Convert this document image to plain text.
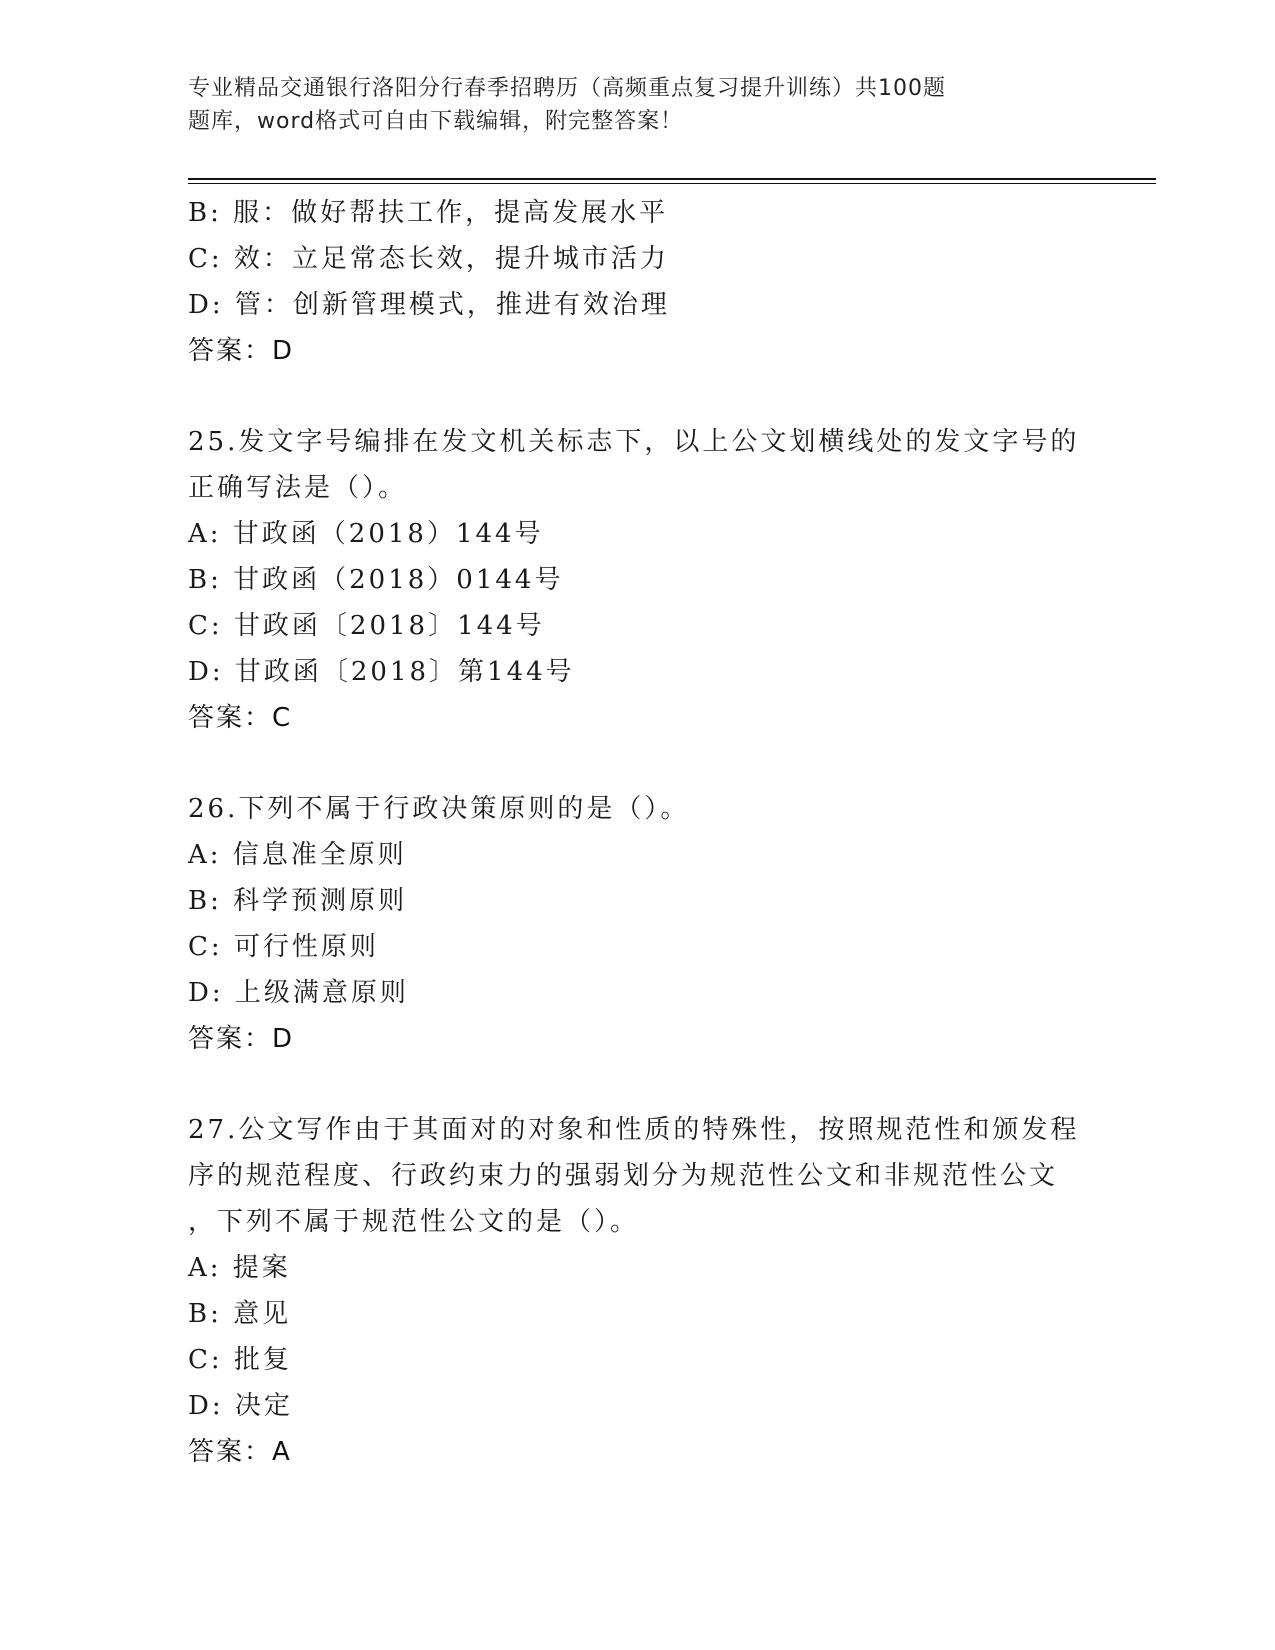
专业精品交通银行洛阳分行春季招聘历（高频重点复习提升训练）共100题
题库，word格式可自由下载编辑，附完整答案！
B: 服：做好帮扶工作，提高发展水平
C: 效：立足常态长效，提升城市活力
D: 管：创新管理模式，推进有效治理
答案：D
25.发文字号编排在发文机关标志下，以上公文划横线处的发文字号的
正确写法是（）。
A: 甘政函（2018）144号
B: 甘政函（2018）0144号
C: 甘政函〔2018〕144号
D: 甘政函〔2018〕第144号
答案：C
26.下列不属于行政决策原则的是（）。
A: 信息准全原则
B: 科学预测原则
C: 可行性原则
D: 上级满意原则
答案：D
27.公文写作由于其面对的对象和性质的特殊性，按照规范性和颁发程
序的规范程度、行政约束力的强弱划分为规范性公文和非规范性公文
，下列不属于规范性公文的是（）。
A: 提案
B: 意见
C: 批复
D: 决定
答案：A
